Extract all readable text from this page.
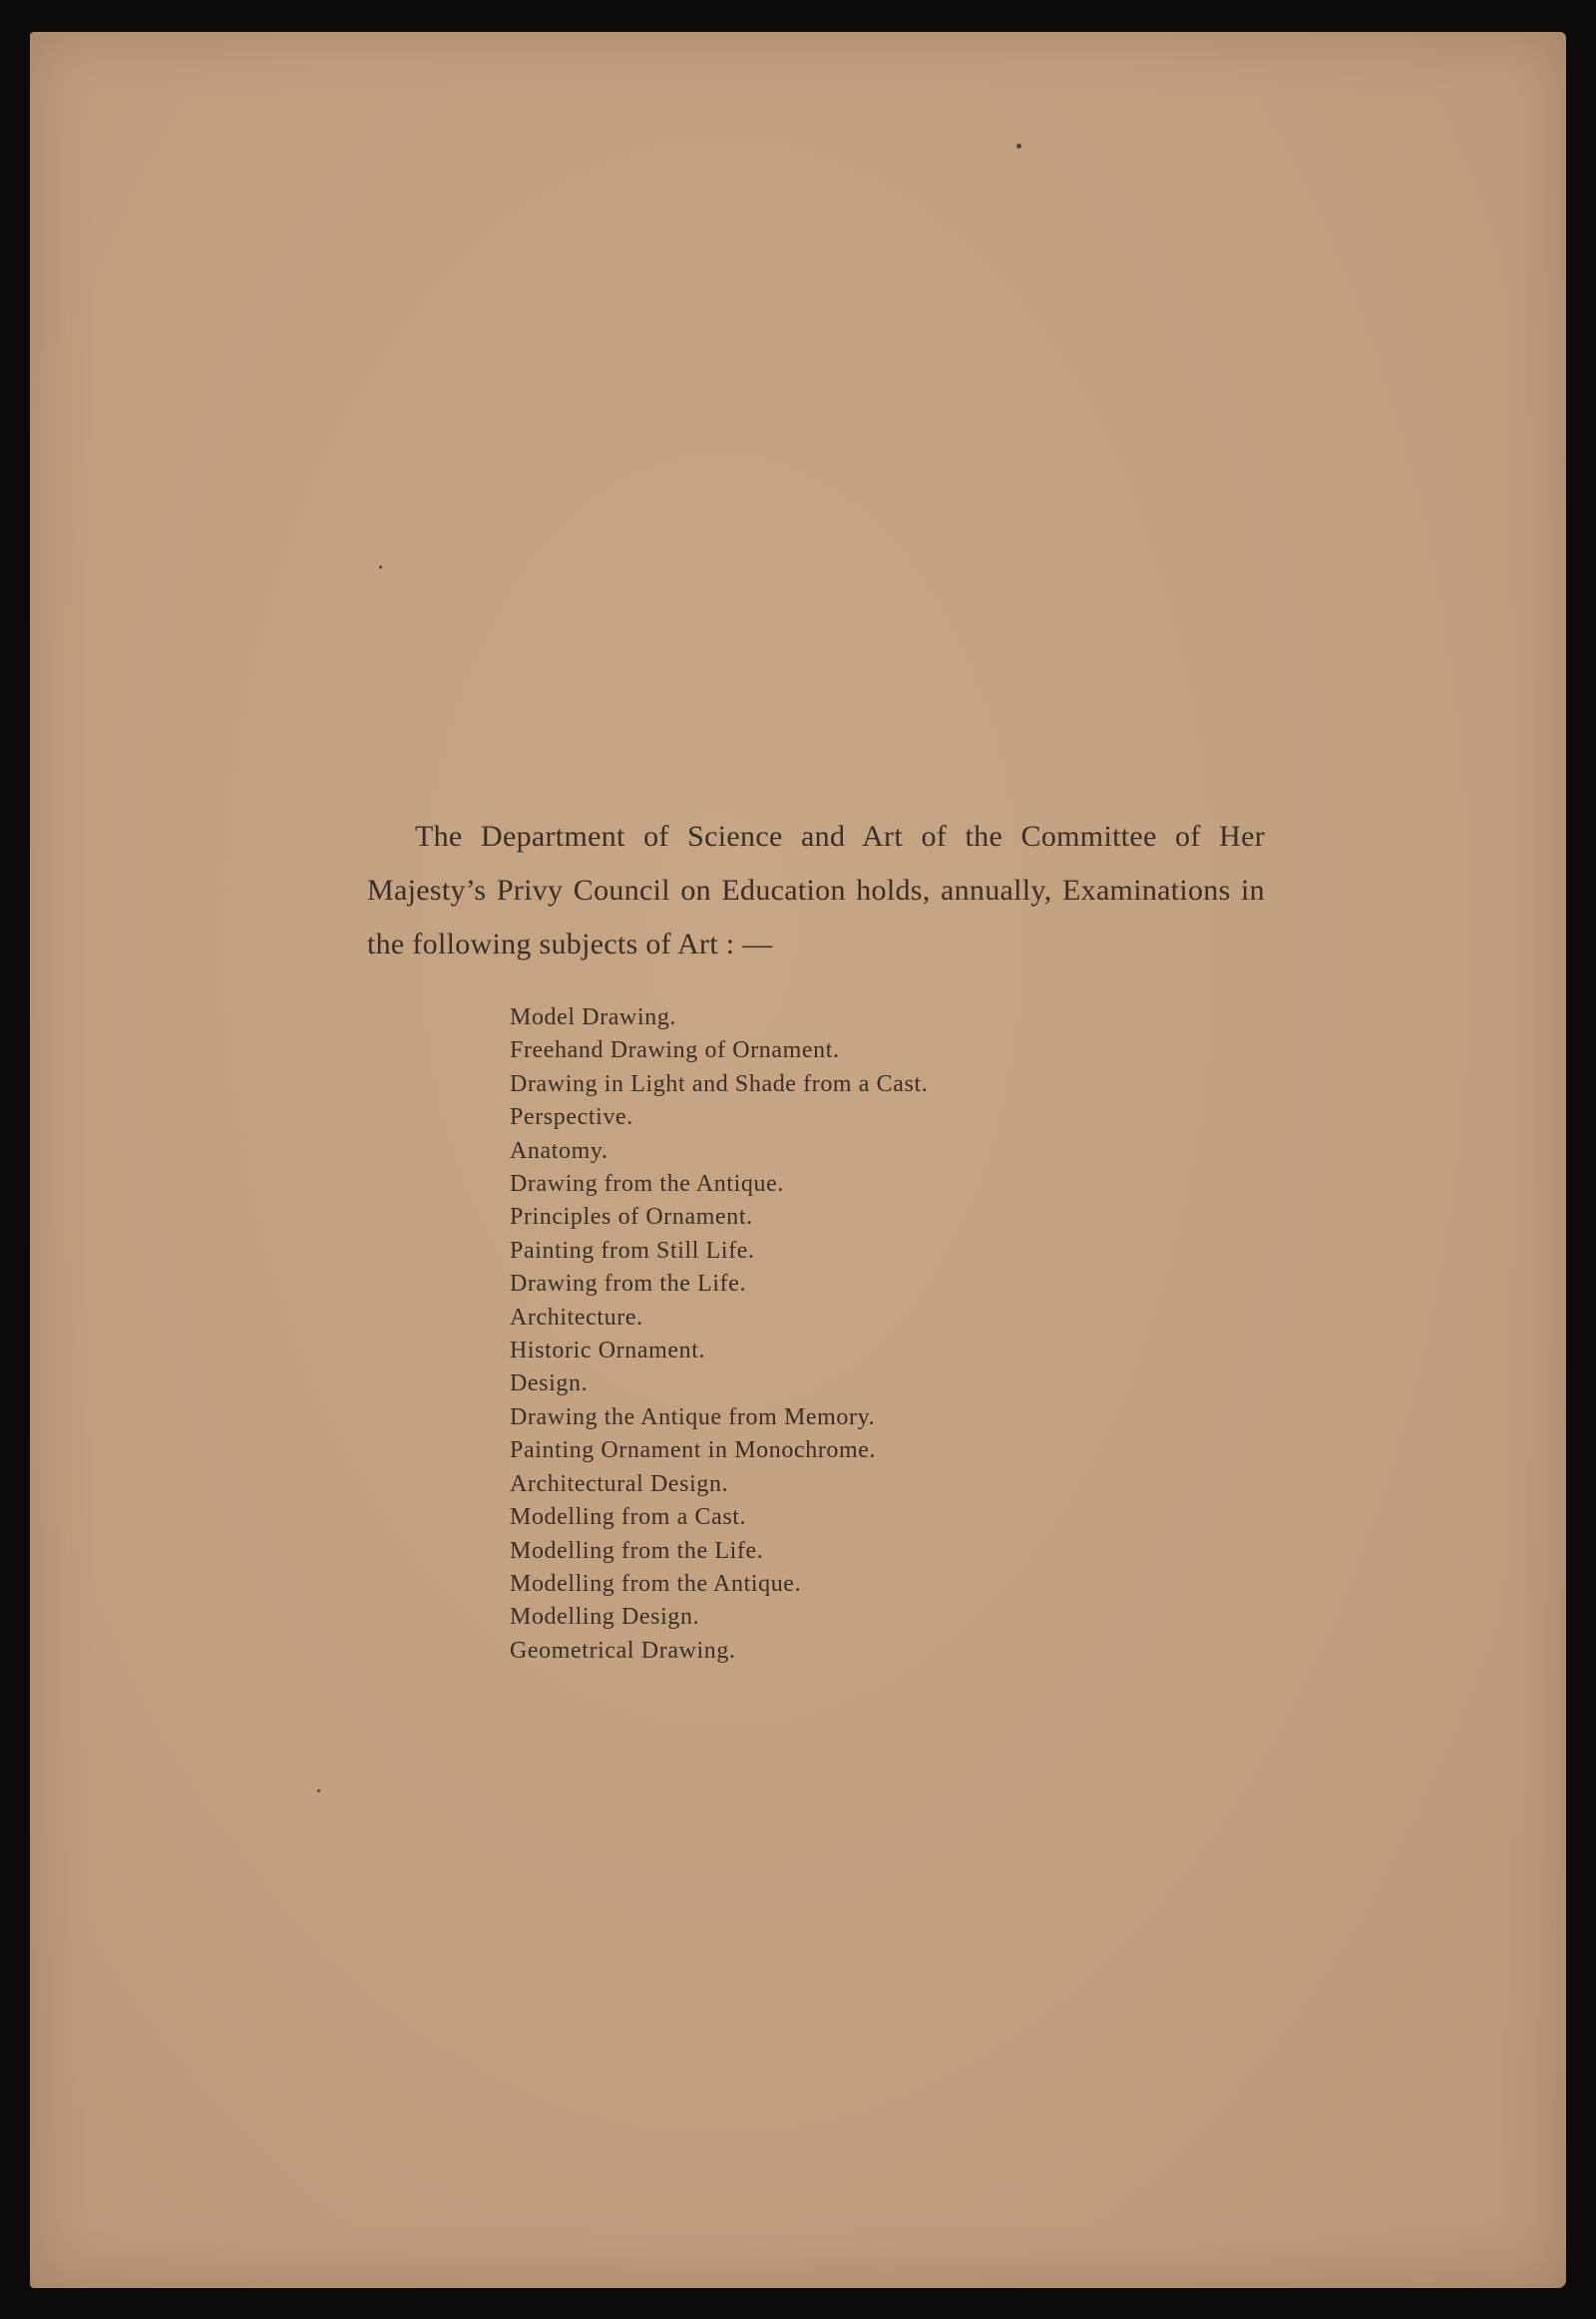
The Department of Science and Art of the Committee of Her Majesty’s Privy Council on Education holds, annually, Examinations in the following subjects of Art : —

Model Drawing.
Freehand Drawing of Ornament.
Drawing in Light and Shade from a Cast.
Perspective.
Anatomy.
Drawing from the Antique.
Principles of Ornament.
Painting from Still Life.
Drawing from the Life.
Architecture.
Historic Ornament.
Design.
Drawing the Antique from Memory.
Painting Ornament in Monochrome.
Architectural Design.
Modelling from a Cast.
Modelling from the Life.
Modelling from the Antique.
Modelling Design.
Geometrical Drawing.
